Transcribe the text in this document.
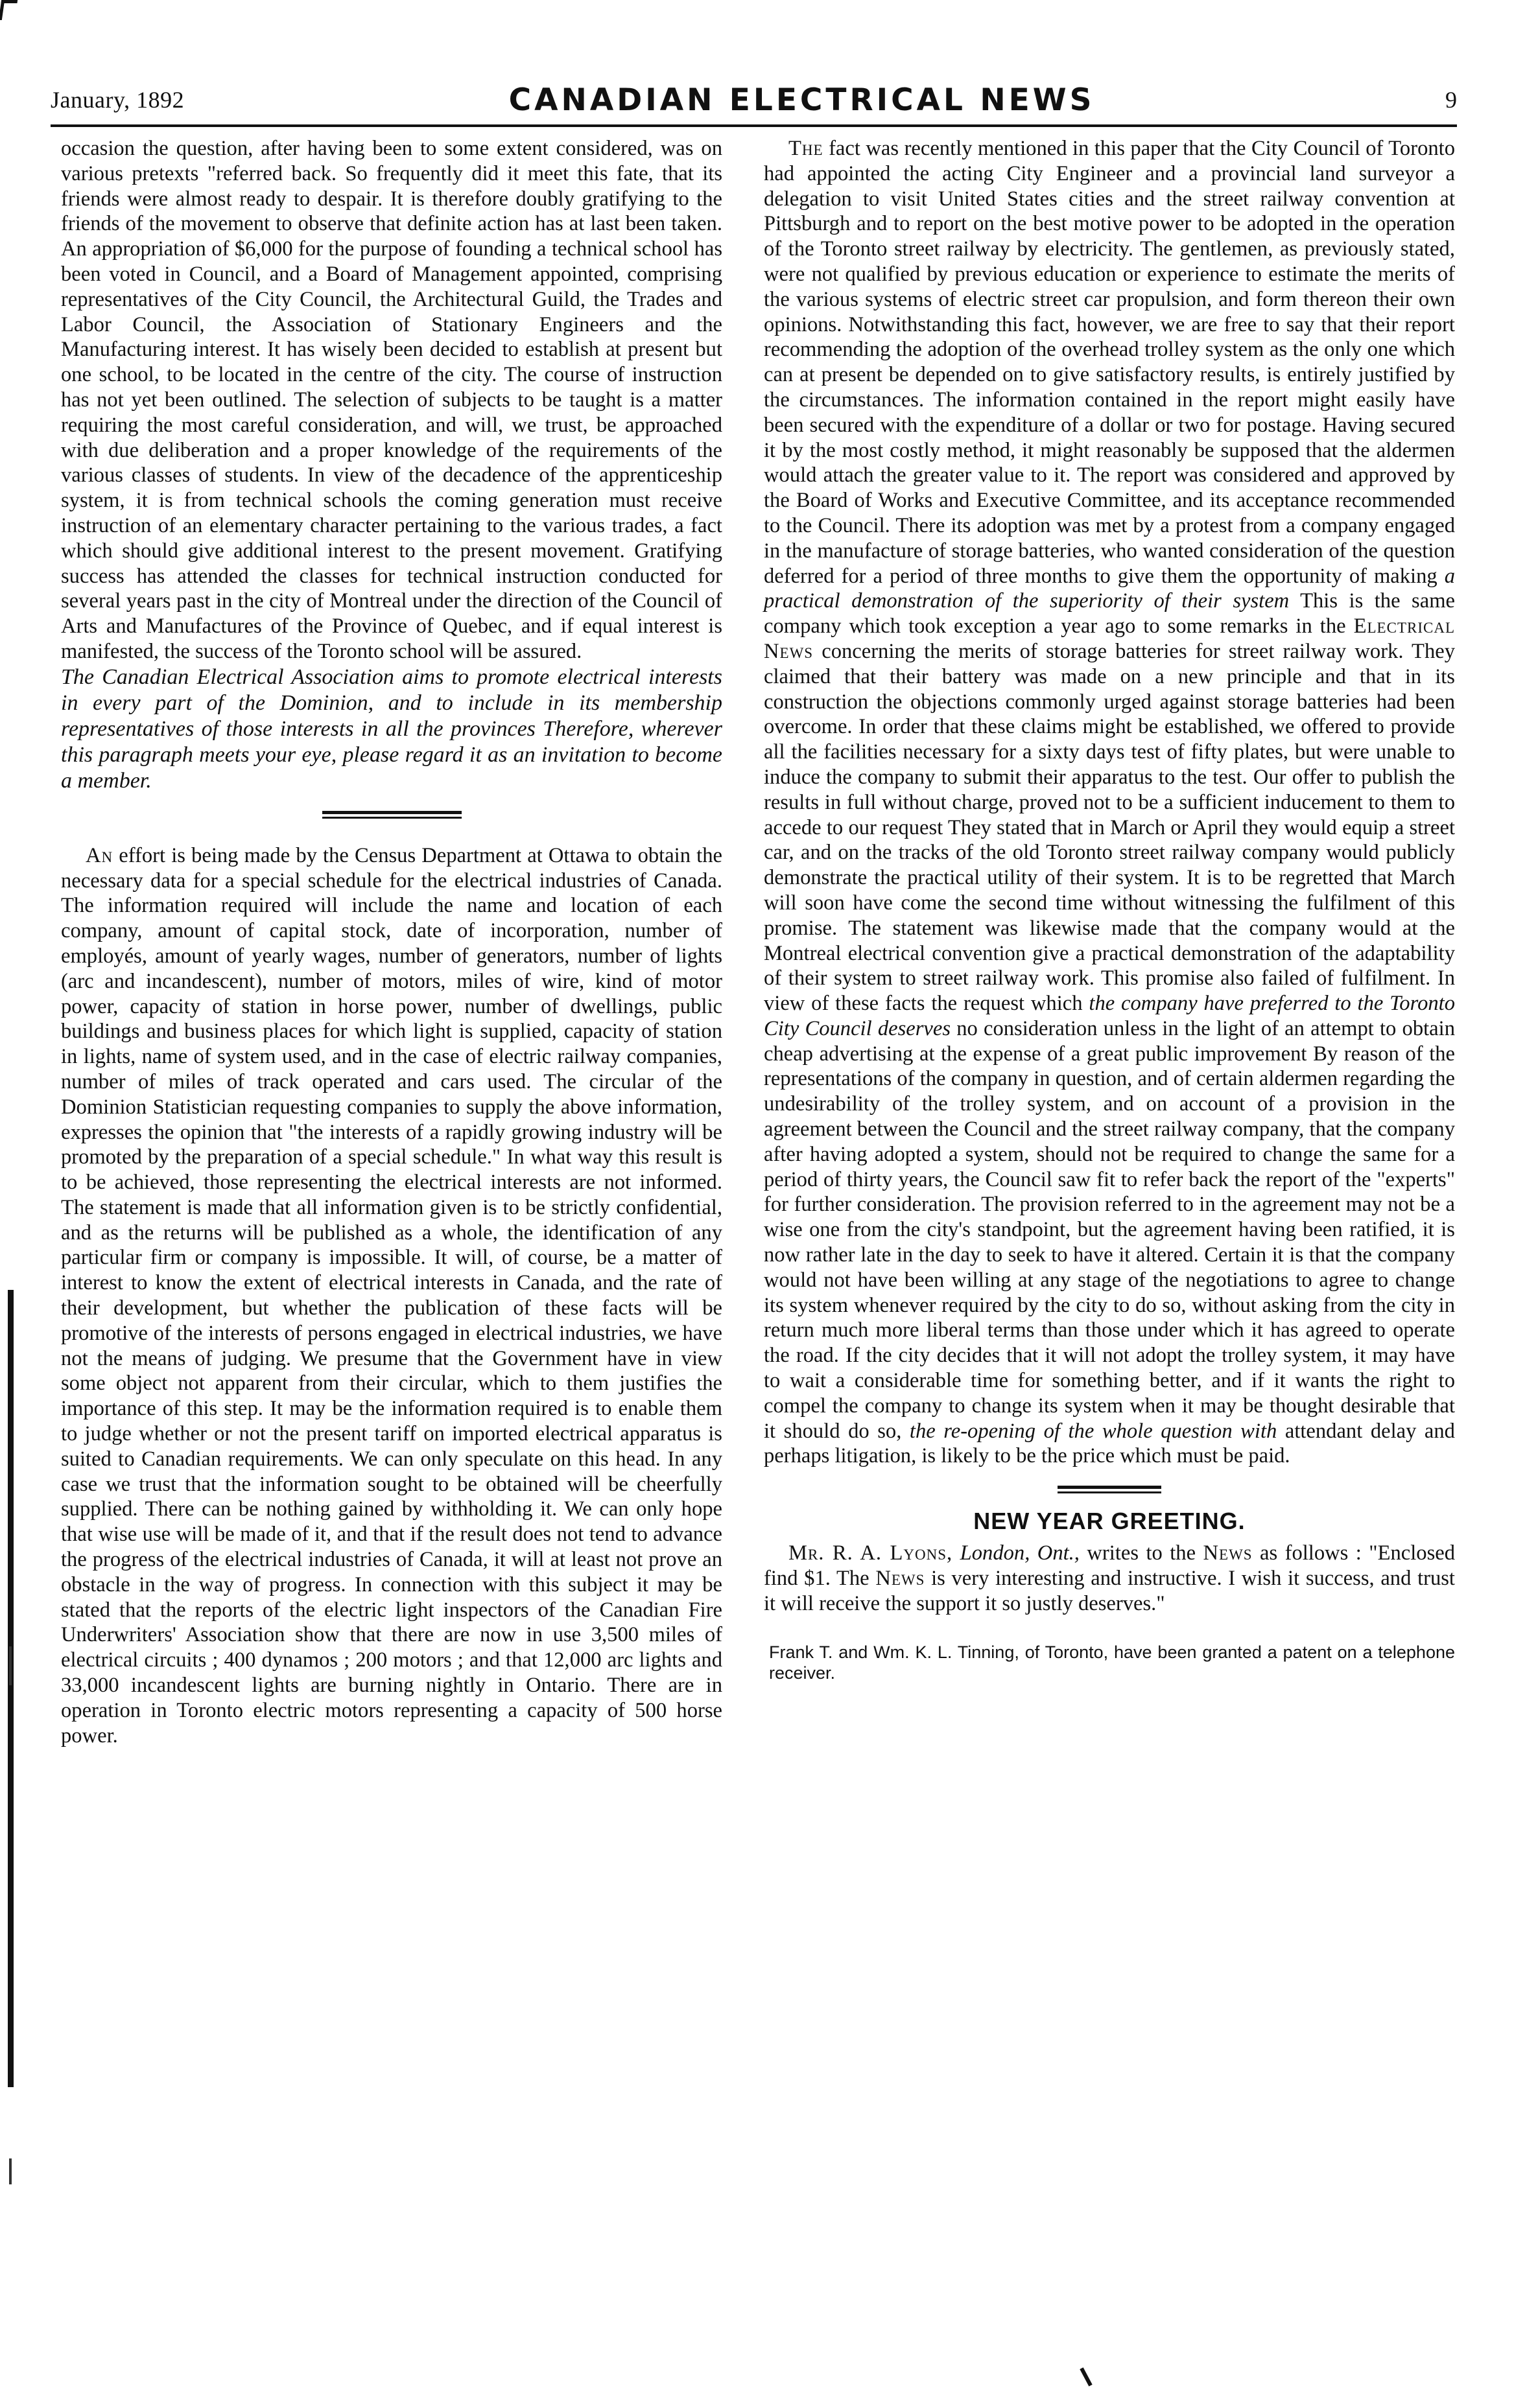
January, 1892	CANADIAN ELECTRICAL NEWS	9

occasion the question, after having been to some extent considered, was on various pretexts "referred back. So frequently did it meet this fate, that its friends were almost ready to despair. It is therefore doubly gratifying to the friends of the movement to observe that definite action has at last been taken. An appropriation of $6,000 for the purpose of founding a technical school has been voted in Council, and a Board of Management appointed, comprising representatives of the City Council, the Architectural Guild, the Trades and Labor Council, the Association of Stationary Engineers and the Manufacturing interest. It has wisely been decided to establish at present but one school, to be located in the centre of the city. The course of instruction has not yet been outlined. The selection of subjects to be taught is a matter requiring the most careful consideration, and will, we trust, be approached with due deliberation and a proper knowledge of the requirements of the various classes of students. In view of the decadence of the apprenticeship system, it is from technical schools the coming generation must receive instruction of an elementary character pertaining to the various trades, a fact which should give additional interest to the present movement. Gratifying success has attended the classes for technical instruction conducted for several years past in the city of Montreal under the direction of the Council of Arts and Manufactures of the Province of Quebec, and if equal interest is manifested, the success of the Toronto school will be assured.

The Canadian Electrical Association aims to promote electrical interests in every part of the Dominion, and to include in its membership representatives of those interests in all the provinces Therefore, wherever this paragraph meets your eye, please regard it as an invitation to become a member.

An effort is being made by the Census Department at Ottawa to obtain the necessary data for a special schedule for the electrical industries of Canada. The information required will include the name and location of each company, amount of capital stock, date of incorporation, number of employés, amount of yearly wages, number of generators, number of lights (arc and incandescent), number of motors, miles of wire, kind of motor power, capacity of station in horse power, number of dwellings, public buildings and business places for which light is supplied, capacity of station in lights, name of system used, and in the case of electric railway companies, number of miles of track operated and cars used. The circular of the Dominion Statistician requesting companies to supply the above information, expresses the opinion that "the interests of a rapidly growing industry will be promoted by the preparation of a special schedule." In what way this result is to be achieved, those representing the electrical interests are not informed. The statement is made that all information given is to be strictly confidential, and as the returns will be published as a whole, the identification of any particular firm or company is impossible. It will, of course, be a matter of interest to know the extent of electrical interests in Canada, and the rate of their development, but whether the publication of these facts will be promotive of the interests of persons engaged in electrical industries, we have not the means of judging. We presume that the Government have in view some object not apparent from their circular, which to them justifies the importance of this step. It may be the information required is to enable them to judge whether or not the present tariff on imported electrical apparatus is suited to Canadian requirements. We can only speculate on this head. In any case we trust that the information sought to be obtained will be cheerfully supplied. There can be nothing gained by withholding it. We can only hope that wise use will be made of it, and that if the result does not tend to advance the progress of the electrical industries of Canada, it will at least not prove an obstacle in the way of progress. In connection with this subject it may be stated that the reports of the electric light inspectors of the Canadian Fire Underwriters' Association show that there are now in use 3,500 miles of electrical circuits ; 400 dynamos ; 200 motors ; and that 12,000 arc lights and 33,000 incandescent lights are burning nightly in Ontario. There are in operation in Toronto electric motors representing a capacity of 500 horse power.

The fact was recently mentioned in this paper that the City Council of Toronto had appointed the acting City Engineer and a provincial land surveyor a delegation to visit United States cities and the street railway convention at Pittsburgh and to report on the best motive power to be adopted in the operation of the Toronto street railway by electricity. The gentlemen, as previously stated, were not qualified by previous education or experience to estimate the merits of the various systems of electric street car propulsion, and form thereon their own opinions. Notwithstanding this fact, however, we are free to say that their report recommending the adoption of the overhead trolley system as the only one which can at present be depended on to give satisfactory results, is entirely justified by the circumstances. The information contained in the report might easily have been secured with the expenditure of a dollar or two for postage. Having secured it by the most costly method, it might reasonably be supposed that the aldermen would attach the greater value to it. The report was considered and approved by the Board of Works and Executive Committee, and its acceptance recommended to the Council. There its adoption was met by a protest from a company engaged in the manufacture of storage batteries, who wanted consideration of the question deferred for a period of three months to give them the opportunity of making a practical demonstration of the superiority of their system This is the same company which took exception a year ago to some remarks in the Electrical News concerning the merits of storage batteries for street railway work. They claimed that their battery was made on a new principle and that in its construction the objections commonly urged against storage batteries had been overcome. In order that these claims might be established, we offered to provide all the facilities necessary for a sixty days test of fifty plates, but were unable to induce the company to submit their apparatus to the test. Our offer to publish the results in full without charge, proved not to be a sufficient inducement to them to accede to our request They stated that in March or April they would equip a street car, and on the tracks of the old Toronto street railway company would publicly demonstrate the practical utility of their system. It is to be regretted that March will soon have come the second time without witnessing the fulfilment of this promise. The statement was likewise made that the company would at the Montreal electrical convention give a practical demonstration of the adaptability of their system to street railway work. This promise also failed of fulfilment. In view of these facts the request which the company have preferred to the Toronto City Council deserves no consideration unless in the light of an attempt to obtain cheap advertising at the expense of a great public improvement By reason of the representations of the company in question, and of certain aldermen regarding the undesirability of the trolley system, and on account of a provision in the agreement between the Council and the street railway company, that the company after having adopted a system, should not be required to change the same for a period of thirty years, the Council saw fit to refer back the report of the "experts" for further consideration. The provision referred to in the agreement may not be a wise one from the city's standpoint, but the agreement having been ratified, it is now rather late in the day to seek to have it altered. Certain it is that the company would not have been willing at any stage of the negotiations to agree to change its system whenever required by the city to do so, without asking from the city in return much more liberal terms than those under which it has agreed to operate the road. If the city decides that it will not adopt the trolley system, it may have to wait a considerable time for something better, and if it wants the right to compel the company to change its system when it may be thought desirable that it should do so, the re-opening of the whole question with attendant delay and perhaps litigation, is likely to be the price which must be paid.

NEW YEAR GREETING.

Mr. R. A. Lyons, London, Ont., writes to the News as follows : "Enclosed find $1. The News is very interesting and instructive. I wish it success, and trust it will receive the support it so justly deserves."

Frank T. and Wm. K. L. Tinning, of Toronto, have been granted a patent on a telephone receiver.
